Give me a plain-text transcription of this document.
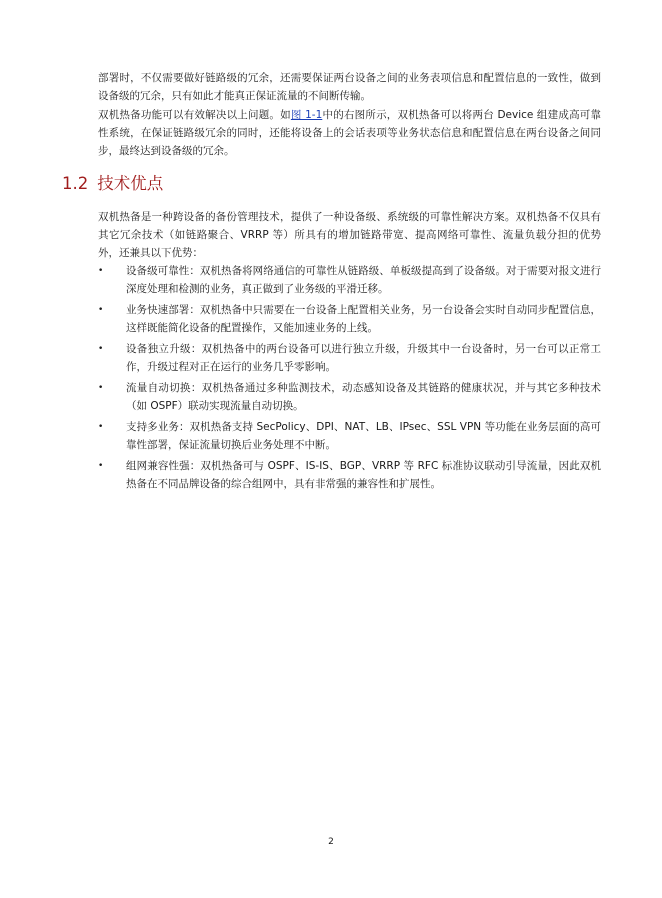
部署时，不仅需要做好链路级的冗余，还需要保证两台设备之间的业务表项信息和配置信息的一致性，做到设备级的冗余，只有如此才能真正保证流量的不间断传输。

双机热备功能可以有效解决以上问题。如图 1-1中的右图所示，双机热备可以将两台 Device 组建成高可靠性系统，在保证链路级冗余的同时，还能将设备上的会话表项等业务状态信息和配置信息在两台设备之间同步，最终达到设备级的冗余。

1.2 技术优点

双机热备是一种跨设备的备份管理技术，提供了一种设备级、系统级的可靠性解决方案。双机热备不仅具有其它冗余技术（如链路聚合、VRRP 等）所具有的增加链路带宽、提高网络可靠性、流量负载分担的优势外，还兼具以下优势：

•	设备级可靠性：双机热备将网络通信的可靠性从链路级、单板级提高到了设备级。对于需要对报文进行深度处理和检测的业务，真正做到了业务级的平滑迁移。
•	业务快速部署：双机热备中只需要在一台设备上配置相关业务，另一台设备会实时自动同步配置信息，这样既能简化设备的配置操作，又能加速业务的上线。
•	设备独立升级：双机热备中的两台设备可以进行独立升级，升级其中一台设备时，另一台可以正常工作，升级过程对正在运行的业务几乎零影响。
•	流量自动切换：双机热备通过多种监测技术，动态感知设备及其链路的健康状况，并与其它多种技术（如 OSPF）联动实现流量自动切换。
•	支持多业务：双机热备支持 SecPolicy、DPI、NAT、LB、IPsec、SSL VPN 等功能在业务层面的高可靠性部署，保证流量切换后业务处理不中断。
•	组网兼容性强：双机热备可与 OSPF、IS-IS、BGP、VRRP 等 RFC 标准协议联动引导流量，因此双机热备在不同品牌设备的综合组网中，具有非常强的兼容性和扩展性。

2
